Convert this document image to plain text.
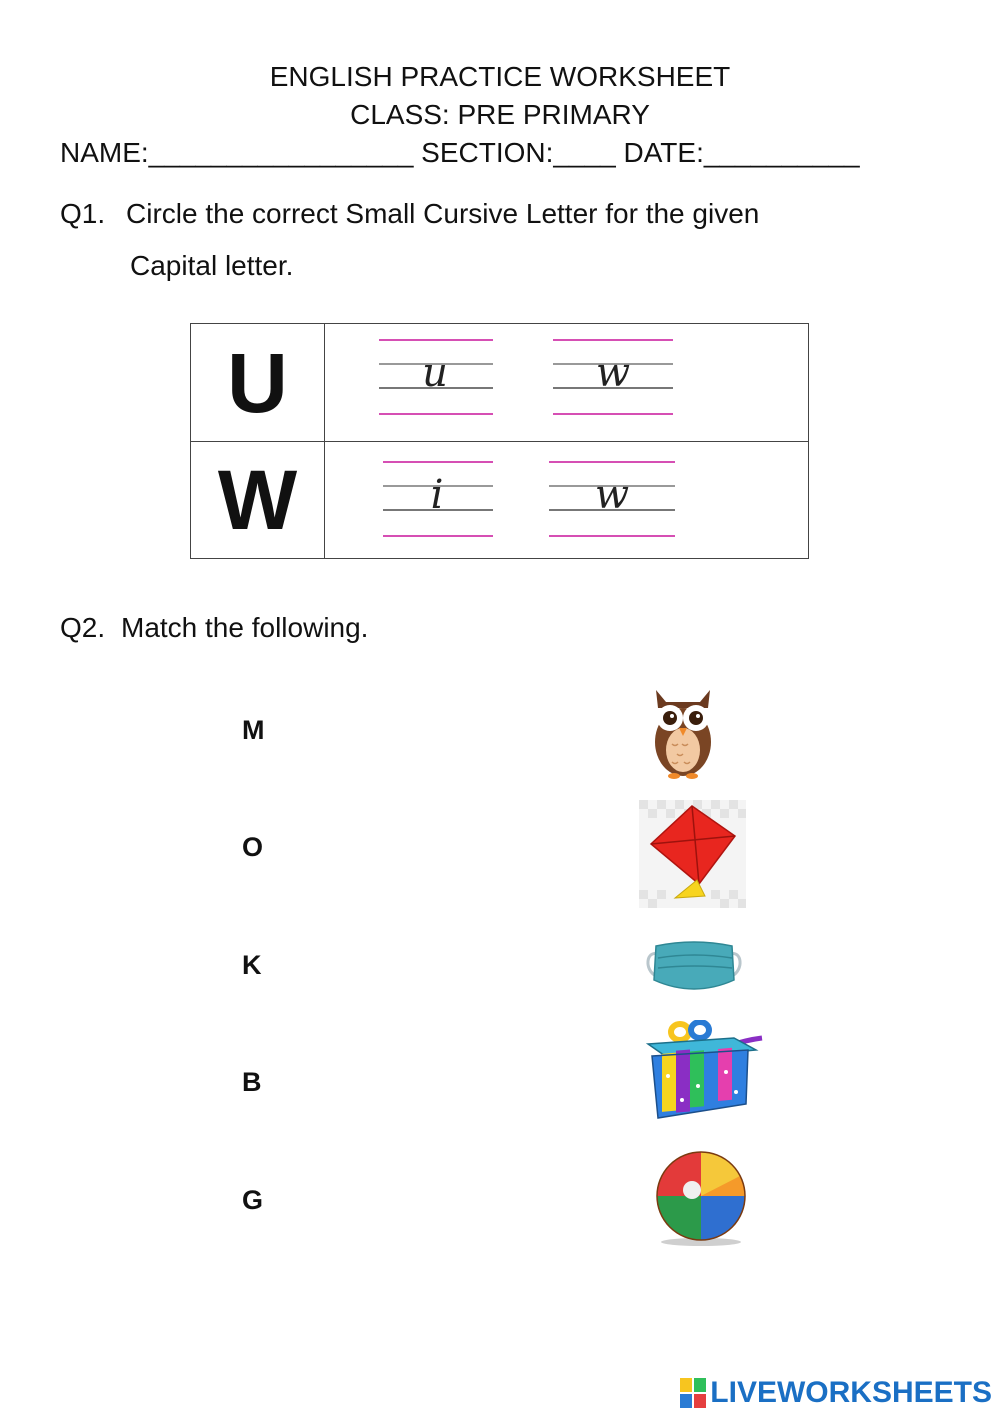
ENGLISH PRACTICE WORKSHEET
CLASS: PRE PRIMARY
NAME:_________________ SECTION:____ DATE:__________
Q1. Circle the correct Small Cursive Letter for the given
Capital letter.
U	u w

W	i w
Q2. Match the following.
M
O
K
B
G
LIVEWORKSHEETS
